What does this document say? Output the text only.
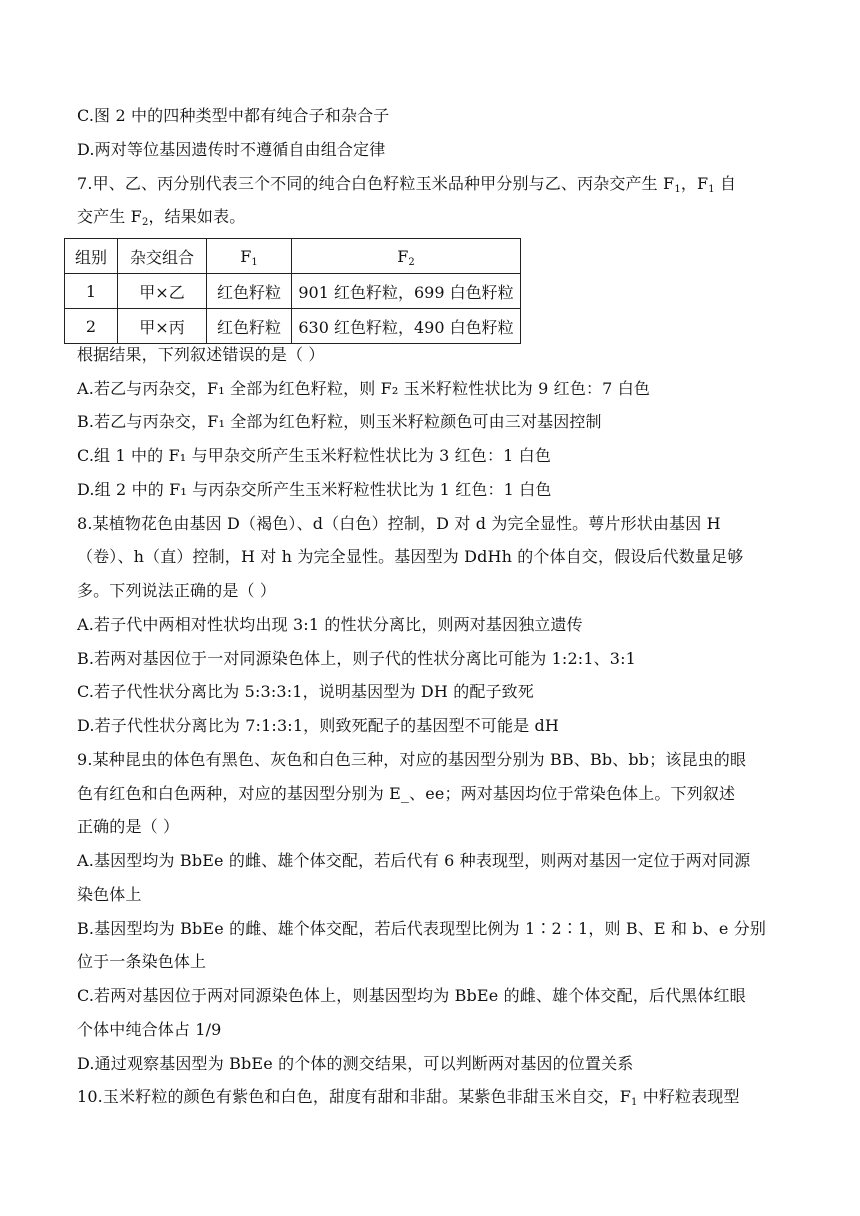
C.图 2 中的四种类型中都有纯合子和杂合子
D.两对等位基因遗传时不遵循自由组合定律
7.甲、乙、丙分别代表三个不同的纯合白色籽粒玉米品种甲分别与乙、丙杂交产生 $F_1$，$F_1$ 自
交产生 $F_2$，结果如表。
组别	杂交组合	$F_1$	$F_2$
1	甲×乙	红色籽粒	901 红色籽粒，699 白色籽粒
2	甲×丙	红色籽粒	630 红色籽粒，490 白色籽粒
根据结果，下列叙述错误的是（ ）
A.若乙与丙杂交，F₁ 全部为红色籽粒，则 F₂ 玉米籽粒性状比为 9 红色：7 白色
B.若乙与丙杂交，F₁ 全部为红色籽粒，则玉米籽粒颜色可由三对基因控制
C.组 1 中的 F₁ 与甲杂交所产生玉米籽粒性状比为 3 红色：1 白色
D.组 2 中的 F₁ 与丙杂交所产生玉米籽粒性状比为 1 红色：1 白色
8.某植物花色由基因 D（褐色）、d（白色）控制，D 对 d 为完全显性。萼片形状由基因 H
（卷）、h（直）控制，H 对 h 为完全显性。基因型为 DdHh 的个体自交，假设后代数量足够
多。下列说法正确的是（ ）
A.若子代中两相对性状均出现 3:1 的性状分离比，则两对基因独立遗传
B.若两对基因位于一对同源染色体上，则子代的性状分离比可能为 1:2:1、3:1
C.若子代性状分离比为 5:3:3:1，说明基因型为 DH 的配子致死
D.若子代性状分离比为 7:1:3:1，则致死配子的基因型不可能是 dH
9.某种昆虫的体色有黑色、灰色和白色三种，对应的基因型分别为 BB、Bb、bb；该昆虫的眼
色有红色和白色两种，对应的基因型分别为 E_、ee；两对基因均位于常染色体上。下列叙述
正确的是（ ）
A.基因型均为 BbEe 的雌、雄个体交配，若后代有 6 种表现型，则两对基因一定位于两对同源
染色体上
B.基因型均为 BbEe 的雌、雄个体交配，若后代表现型比例为 1∶2∶1，则 B、E 和 b、e 分别
位于一条染色体上
C.若两对基因位于两对同源染色体上，则基因型均为 BbEe 的雌、雄个体交配，后代黑体红眼
个体中纯合体占 1/9
D.通过观察基因型为 BbEe 的个体的测交结果，可以判断两对基因的位置关系
10.玉米籽粒的颜色有紫色和白色，甜度有甜和非甜。某紫色非甜玉米自交，$F_1$ 中籽粒表现型
